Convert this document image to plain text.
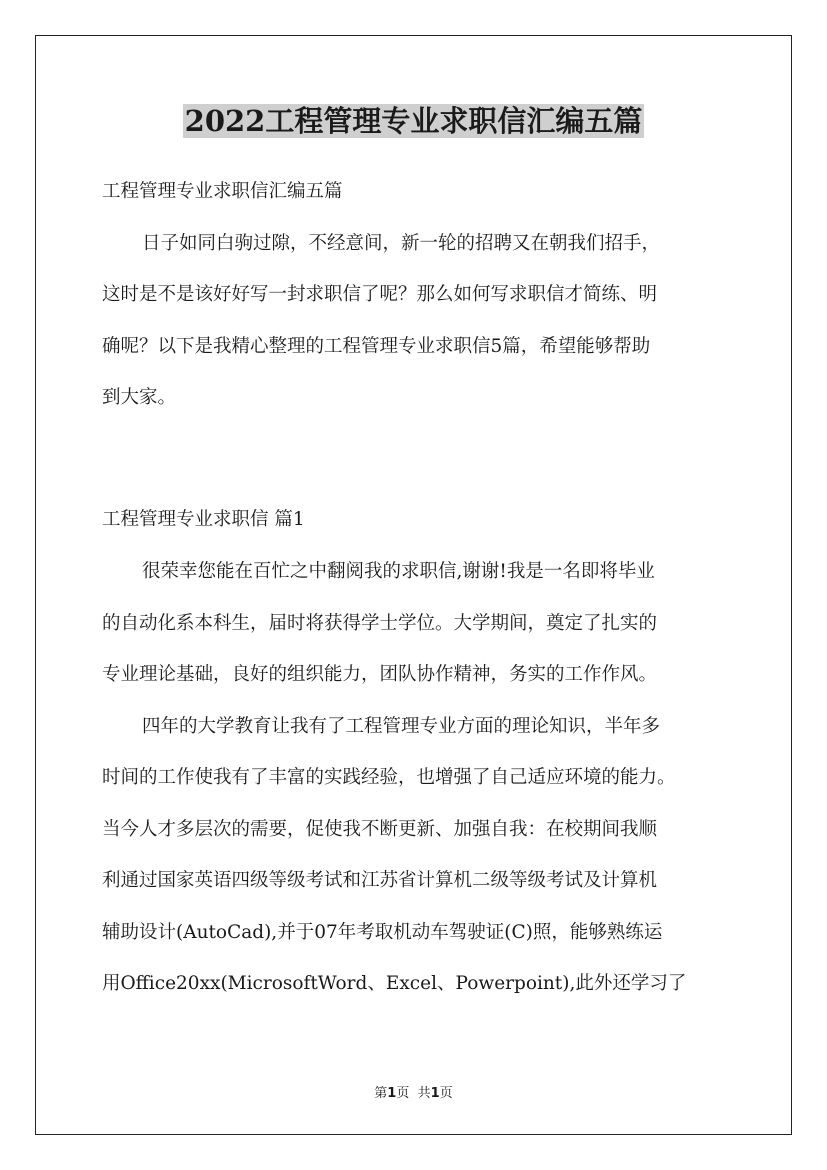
2022工程管理专业求职信汇编五篇
工程管理专业求职信汇编五篇
日子如同白驹过隙，不经意间，新一轮的招聘又在朝我们招手，
这时是不是该好好写一封求职信了呢？那么如何写求职信才简练、明
确呢？以下是我精心整理的工程管理专业求职信5篇，希望能够帮助
到大家。
工程管理专业求职信 篇1
很荣幸您能在百忙之中翻阅我的求职信,谢谢!我是一名即将毕业
的自动化系本科生，届时将获得学士学位。大学期间，奠定了扎实的
专业理论基础，良好的组织能力，团队协作精神，务实的工作作风。
四年的大学教育让我有了工程管理专业方面的理论知识，半年多
时间的工作使我有了丰富的实践经验，也增强了自己适应环境的能力。
当今人才多层次的需要，促使我不断更新、加强自我：在校期间我顺
利通过国家英语四级等级考试和江苏省计算机二级等级考试及计算机
辅助设计(AutoCad),并于07年考取机动车驾驶证(C)照，能够熟练运
用Office20xx(MicrosoftWord、Excel、Powerpoint),此外还学习了
第1页 共1页
